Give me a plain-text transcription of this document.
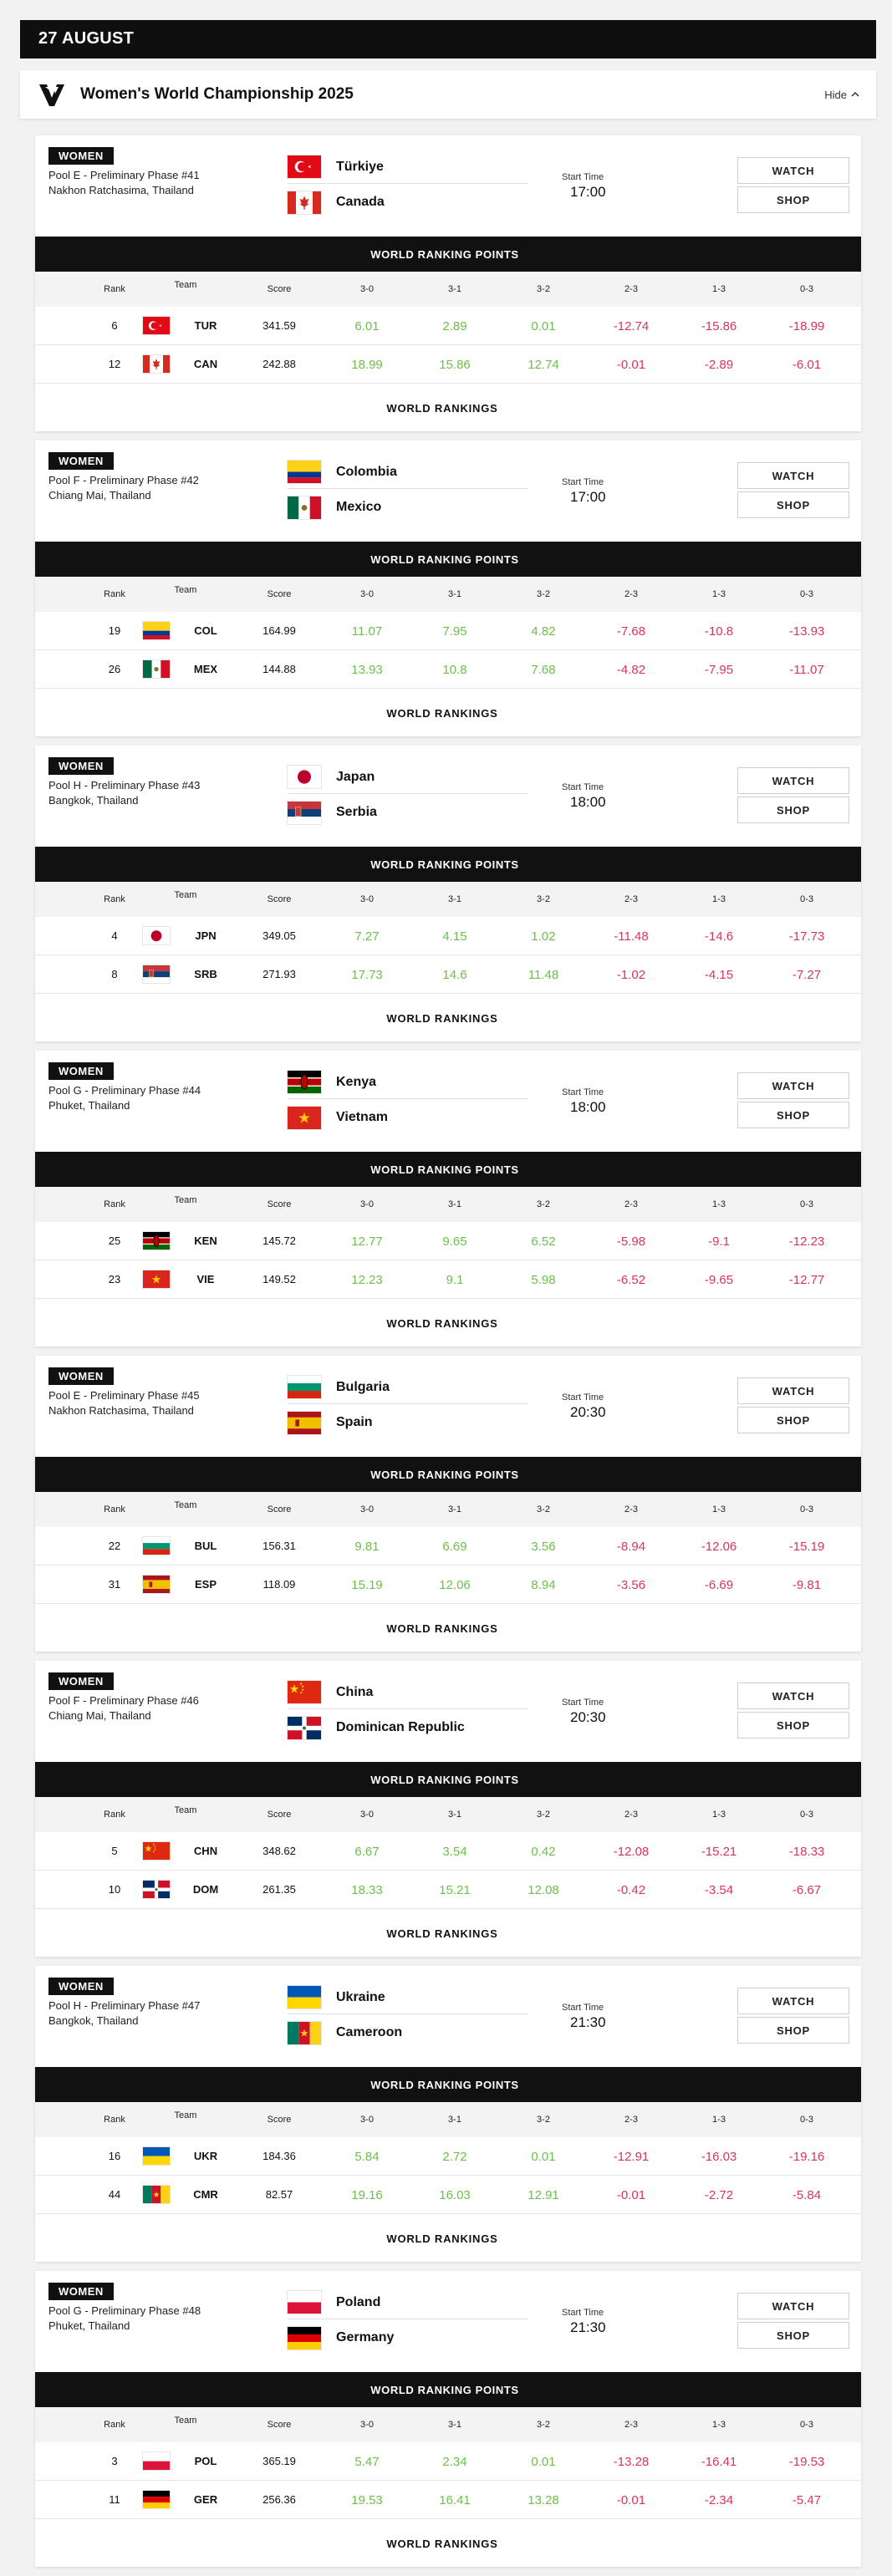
27 AUGUST
Women's World Championship 2025	Hide
WOMEN
Pool E - Preliminary Phase #41
Nakhon Ratchasima, Thailand
Türkiye
Canada
Start Time
17:00
WATCH
SHOP
WORLD RANKING POINTS
Rank	Team	Score	3-0	3-1	3-2	2-3	1-3	0-3
6	TUR	341.59	6.01	2.89	0.01	-12.74	-15.86	-18.99
12	CAN	242.88	18.99	15.86	12.74	-0.01	-2.89	-6.01
WORLD RANKINGS
WOMEN
Pool F - Preliminary Phase #42
Chiang Mai, Thailand
Colombia
Mexico
Start Time
17:00
WATCH
SHOP
WORLD RANKING POINTS
Rank	Team	Score	3-0	3-1	3-2	2-3	1-3	0-3
19	COL	164.99	11.07	7.95	4.82	-7.68	-10.8	-13.93
26	MEX	144.88	13.93	10.8	7.68	-4.82	-7.95	-11.07
WORLD RANKINGS
WOMEN
Pool H - Preliminary Phase #43
Bangkok, Thailand
Japan
Serbia
Start Time
18:00
WATCH
SHOP
WORLD RANKING POINTS
Rank	Team	Score	3-0	3-1	3-2	2-3	1-3	0-3
4	JPN	349.05	7.27	4.15	1.02	-11.48	-14.6	-17.73
8	SRB	271.93	17.73	14.6	11.48	-1.02	-4.15	-7.27
WORLD RANKINGS
WOMEN
Pool G - Preliminary Phase #44
Phuket, Thailand
Kenya
Vietnam
Start Time
18:00
WATCH
SHOP
WORLD RANKING POINTS
Rank	Team	Score	3-0	3-1	3-2	2-3	1-3	0-3
25	KEN	145.72	12.77	9.65	6.52	-5.98	-9.1	-12.23
23	VIE	149.52	12.23	9.1	5.98	-6.52	-9.65	-12.77
WORLD RANKINGS
WOMEN
Pool E - Preliminary Phase #45
Nakhon Ratchasima, Thailand
Bulgaria
Spain
Start Time
20:30
WATCH
SHOP
WORLD RANKING POINTS
Rank	Team	Score	3-0	3-1	3-2	2-3	1-3	0-3
22	BUL	156.31	9.81	6.69	3.56	-8.94	-12.06	-15.19
31	ESP	118.09	15.19	12.06	8.94	-3.56	-6.69	-9.81
WORLD RANKINGS
WOMEN
Pool F - Preliminary Phase #46
Chiang Mai, Thailand
China
Dominican Republic
Start Time
20:30
WATCH
SHOP
WORLD RANKING POINTS
Rank	Team	Score	3-0	3-1	3-2	2-3	1-3	0-3
5	CHN	348.62	6.67	3.54	0.42	-12.08	-15.21	-18.33
10	DOM	261.35	18.33	15.21	12.08	-0.42	-3.54	-6.67
WORLD RANKINGS
WOMEN
Pool H - Preliminary Phase #47
Bangkok, Thailand
Ukraine
Cameroon
Start Time
21:30
WATCH
SHOP
WORLD RANKING POINTS
Rank	Team	Score	3-0	3-1	3-2	2-3	1-3	0-3
16	UKR	184.36	5.84	2.72	0.01	-12.91	-16.03	-19.16
44	CMR	82.57	19.16	16.03	12.91	-0.01	-2.72	-5.84
WORLD RANKINGS
WOMEN
Pool G - Preliminary Phase #48
Phuket, Thailand
Poland
Germany
Start Time
21:30
WATCH
SHOP
WORLD RANKING POINTS
Rank	Team	Score	3-0	3-1	3-2	2-3	1-3	0-3
3	POL	365.19	5.47	2.34	0.01	-13.28	-16.41	-19.53
11	GER	256.36	19.53	16.41	13.28	-0.01	-2.34	-5.47
WORLD RANKINGS
